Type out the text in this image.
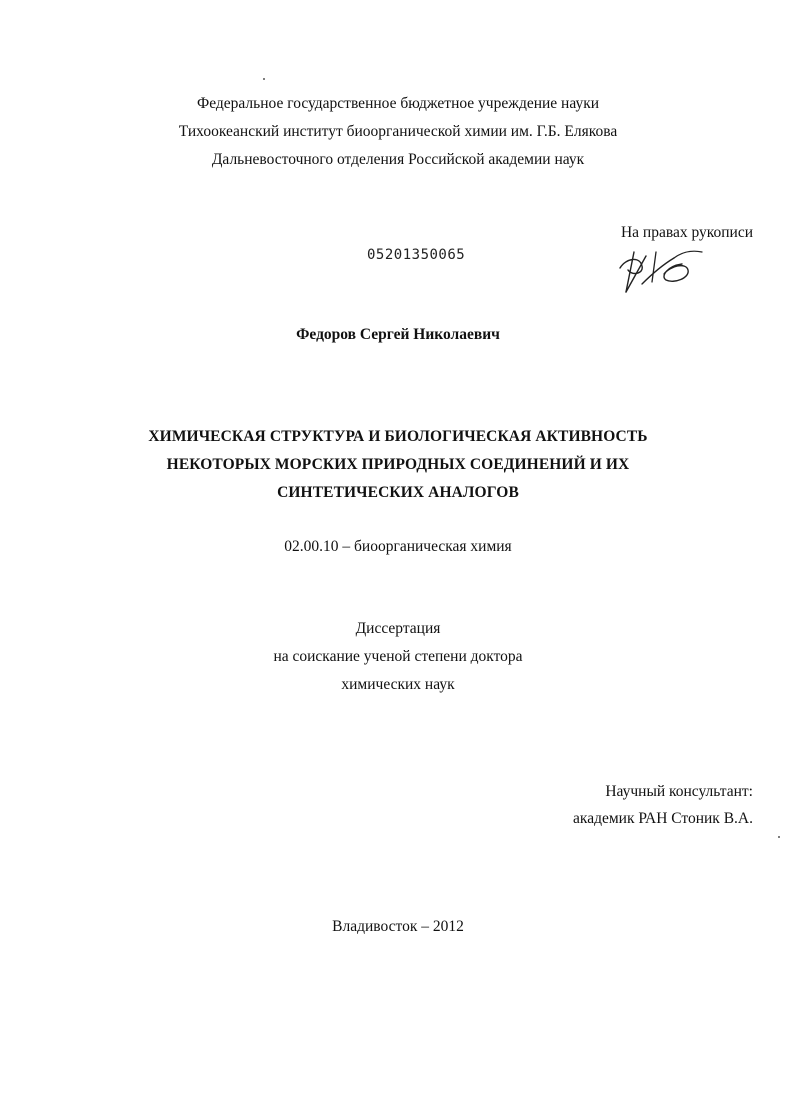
Федеральное государственное бюджетное учреждение науки
Тихоокеанский институт биоорганической химии им. Г.Б. Елякова
Дальневосточного отделения Российской академии наук
На правах рукописи
05201350065
Федоров Сергей Николаевич
ХИМИЧЕСКАЯ СТРУКТУРА И БИОЛОГИЧЕСКАЯ АКТИВНОСТЬ
НЕКОТОРЫХ МОРСКИХ ПРИРОДНЫХ СОЕДИНЕНИЙ И ИХ
СИНТЕТИЧЕСКИХ АНАЛОГОВ
02.00.10 – биоорганическая химия
Диссертация
на соискание ученой степени доктора
химических наук
Научный консультант:
академик РАН Стоник В.А.
Владивосток – 2012
